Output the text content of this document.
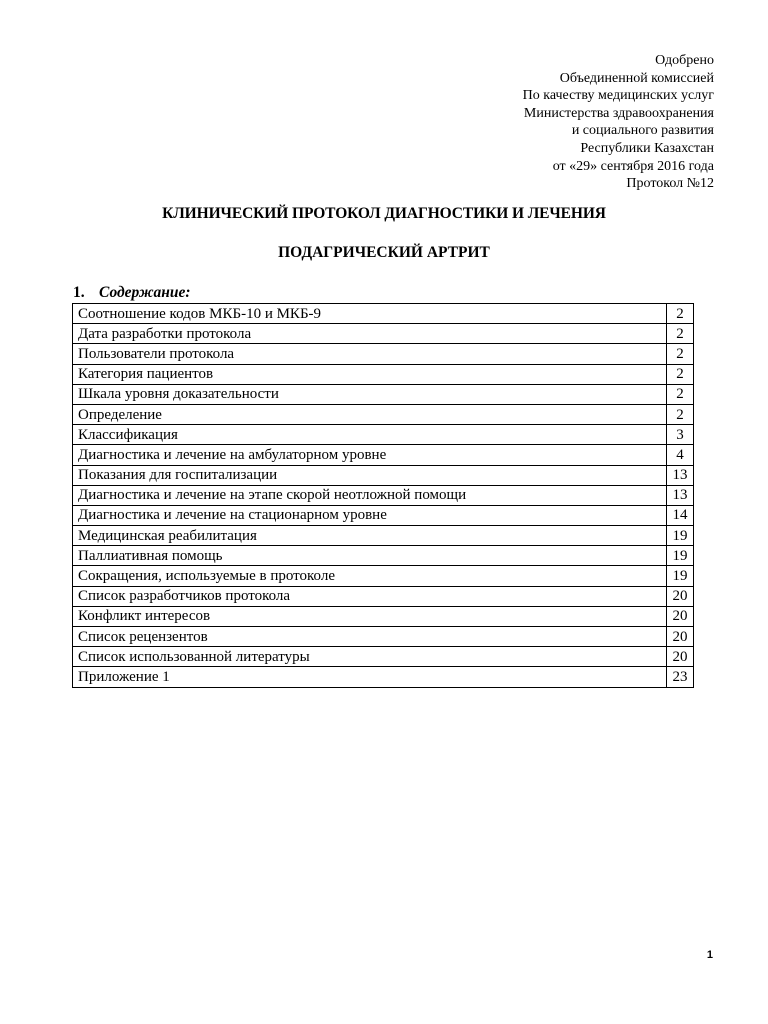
Одобрено
Объединенной комиссией
По качеству медицинских услуг
Министерства здравоохранения
и социального развития
Республики Казахстан
от «29» сентября 2016 года
Протокол №12
КЛИНИЧЕСКИЙ ПРОТОКОЛ ДИАГНОСТИКИ И ЛЕЧЕНИЯ
ПОДАГРИЧЕСКИЙ АРТРИТ
1. Содержание:
Соотношение кодов МКБ-10 и МКБ-9	2
Дата разработки протокола	2
Пользователи протокола	2
Категория пациентов	2
Шкала уровня доказательности	2
Определение	2
Классификация	3
Диагностика и лечение на амбулаторном уровне	4
Показания для госпитализации	13
Диагностика и лечение на этапе скорой неотложной помощи	13
Диагностика и лечение на стационарном уровне	14
Медицинская реабилитация	19
Паллиативная помощь	19
Сокращения, используемые в протоколе	19
Список разработчиков протокола	20
Конфликт интересов	20
Список рецензентов	20
Список использованной литературы	20
Приложение 1	23
1
